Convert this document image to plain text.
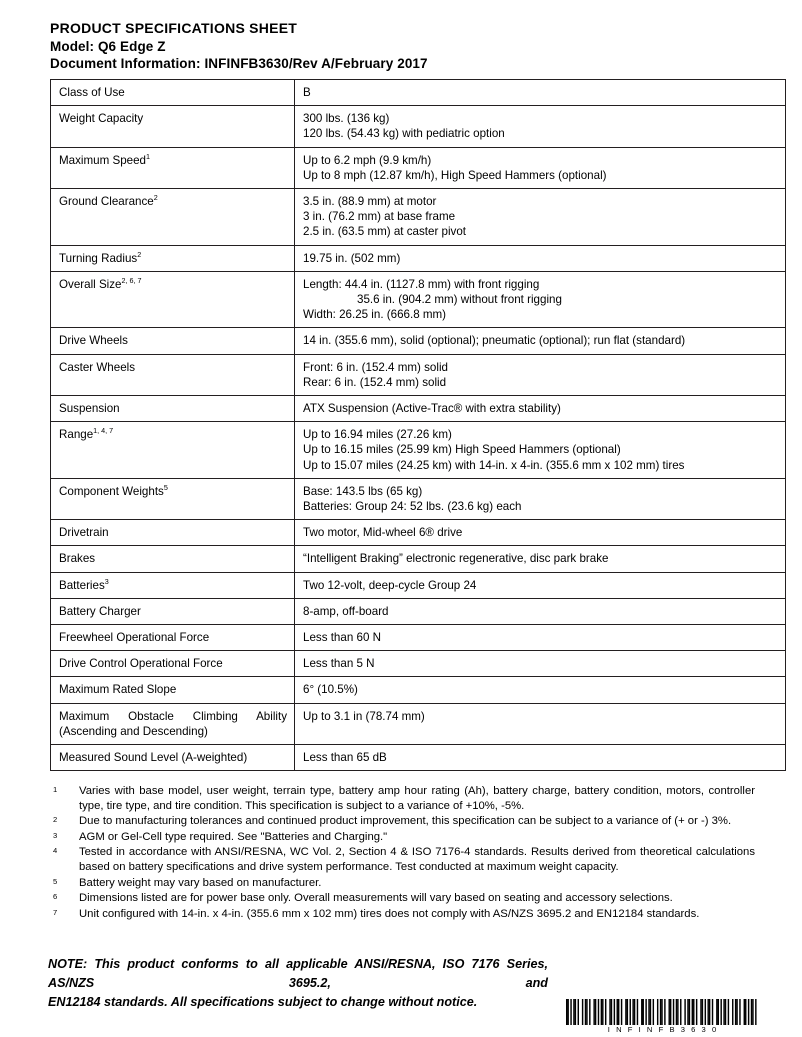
PRODUCT SPECIFICATIONS SHEET
Model: Q6 Edge Z
Document Information: INFINFB3630/Rev A/February 2017
Class of Use	B

Weight Capacity	300 lbs. (136 kg)
120 lbs. (54.43 kg) with pediatric option

Maximum Speed$^1$	Up to 6.2 mph (9.9 km/h)
Up to 8 mph (12.87 km/h), High Speed Hammers (optional)

Ground Clearance$^2$	3.5 in. (88.9 mm) at motor
3 in. (76.2 mm) at base frame
2.5 in. (63.5 mm) at caster pivot

Turning Radius$^2$	19.75 in. (502 mm)

Overall Size$^{2, 6, 7}$	Length: 44.4 in. (1127.8 mm) with front rigging
35.6 in. (904.2 mm) without front rigging
Width: 26.25 in. (666.8 mm)

Drive Wheels	14 in. (355.6 mm), solid (optional); pneumatic (optional); run flat (standard)

Caster Wheels	Front: 6 in. (152.4 mm) solid
Rear: 6 in. (152.4 mm) solid

Suspension	ATX Suspension (Active-Trac® with extra stability)

Range$^{1, 4, 7}$	Up to 16.94 miles (27.26 km)
Up to 16.15 miles (25.99 km) High Speed Hammers (optional)
Up to 15.07 miles (24.25 km) with 14-in. x 4-in. (355.6 mm x 102 mm) tires

Component Weights$^5$	Base: 143.5 lbs (65 kg)
Batteries: Group 24: 52 lbs. (23.6 kg) each

Drivetrain	Two motor, Mid-wheel 6® drive

Brakes	“Intelligent Braking” electronic regenerative, disc park brake

Batteries$^3$	Two 12-volt, deep-cycle Group 24

Battery Charger	8-amp, off-board

Freewheel Operational Force	Less than 60 N

Drive Control Operational Force	Less than 5 N

Maximum Rated Slope	6° (10.5%)

Maximum Obstacle Climbing Ability
(Ascending and Descending)	Up to 3.1 in (78.74 mm)

Measured Sound Level (A-weighted)	Less than 65 dB
1 Varies with base model, user weight, terrain type, battery amp hour rating (Ah), battery charge, battery condition, motors, controller type, tire type, and tire condition. This specification is subject to a variance of +10%, -5%.
2 Due to manufacturing tolerances and continued product improvement, this specification can be subject to a variance of (+ or -) 3%.
3 AGM or Gel-Cell type required. See "Batteries and Charging."
4 Tested in accordance with ANSI/RESNA, WC Vol. 2, Section 4 & ISO 7176-4 standards. Results derived from theoretical calculations based on battery specifications and drive system performance. Test conducted at maximum weight capacity.
5 Battery weight may vary based on manufacturer.
6 Dimensions listed are for power base only. Overall measurements will vary based on seating and accessory selections.
7 Unit configured with 14-in. x 4-in. (355.6 mm x 102 mm) tires does not comply with AS/NZS 3695.2 and EN12184 standards.
NOTE: This product conforms to all applicable ANSI/RESNA, ISO 7176 Series, AS/NZS 3695.2, and
EN12184 standards. All specifications subject to change without notice.
INFINFB3630
